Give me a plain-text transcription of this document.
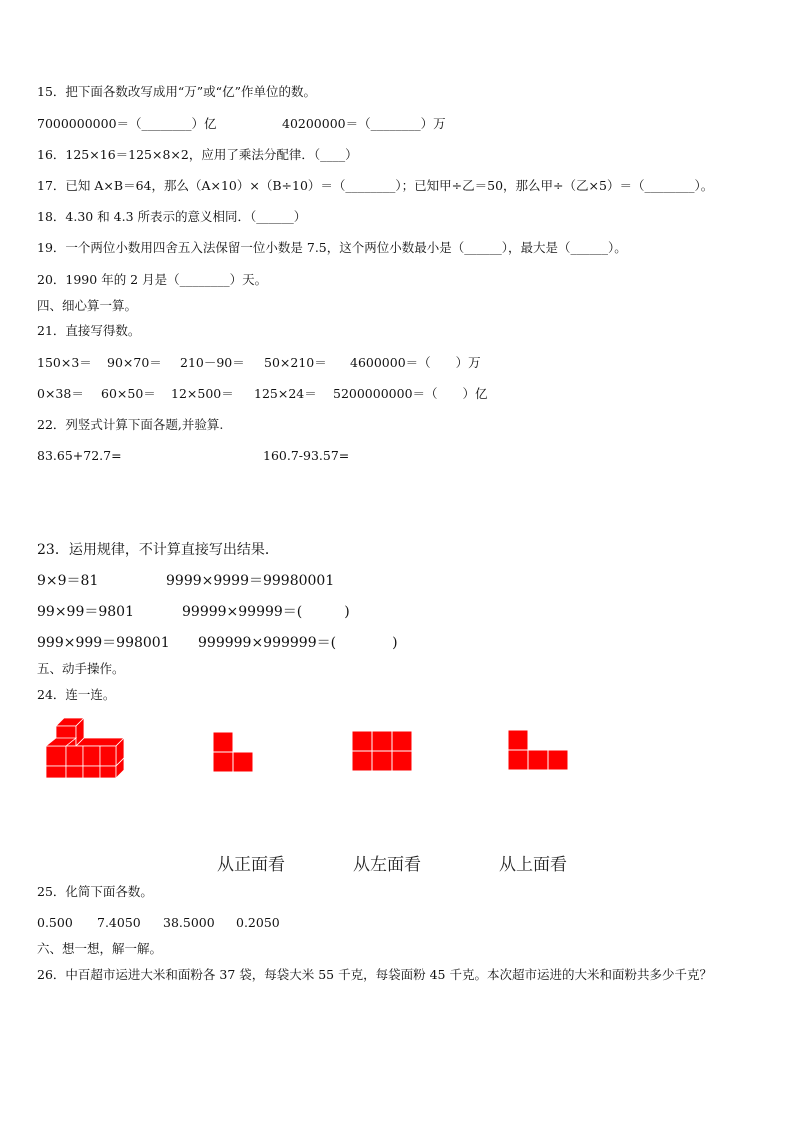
15．把下面各数改写成用“万”或“亿”作单位的数。
7000000000＝（________）亿	40200000＝（________）万
16．125×16＝125×8×2，应用了乘法分配律．（____）
17．已知 A×B＝64，那么（A×10）×（B÷10）＝（________）；已知甲÷乙＝50，那么甲÷（乙×5）＝（________）。
18．4.30 和 4.3 所表示的意义相同．（______）
19．一个两位小数用四舍五入法保留一位小数是 7.5，这个两位小数最小是（______），最大是（______）。
20．1990 年的 2 月是（________）天。
四、细心算一算。
21．直接写得数。
150×3＝ 90×70＝ 210－90＝ 50×210＝ 4600000＝（　　）万
0×38＝ 60×50＝ 12×500＝ 125×24＝ 5200000000＝（　　）亿
22．列竖式计算下面各题,并验算.
83.65+72.7=	160.7-93.57=
23．运用规律，不计算直接写出结果．
9×9＝81	9999×9999＝99980001
99×99＝9801	99999×99999＝(　　　)
999×999＝998001 999999×999999＝(　　　　)
五、动手操作。
24．连一连。
从正面看	从左面看	从上面看
25．化简下面各数。
0.500 7.4050 38.5000 0.2050
六、想一想，解一解。
26．中百超市运进大米和面粉各 37 袋，每袋大米 55 千克，每袋面粉 45 千克。本次超市运进的大米和面粉共多少千克？
